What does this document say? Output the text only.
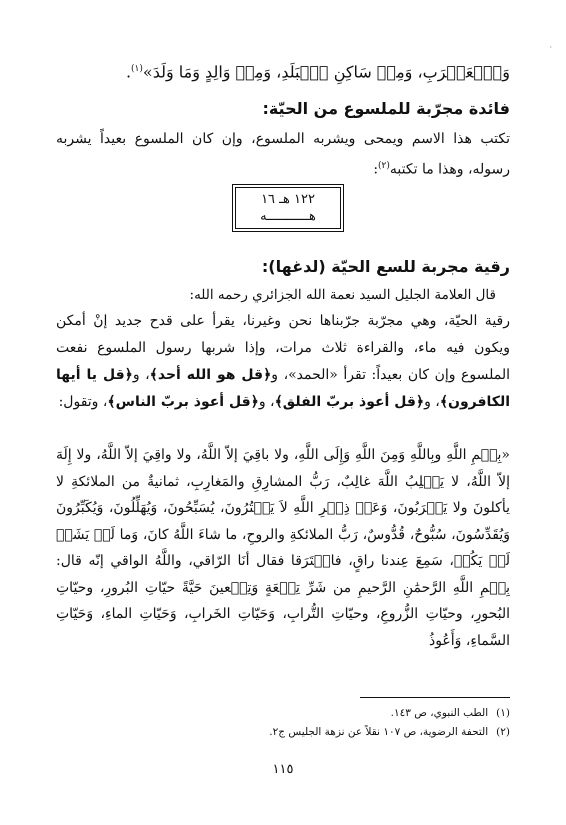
ˌ

وَٱلۡعَقۡرَبِ، وَمِنۡ سَاكِنِ ٱلۡبَلَدِ، وَمِنۡ وَالِدٍ وَمَا وَلَدَ»$^{(١)}$.

فائدة مجرّبة للملسوع من الحيّة:

تكتب هذا الاسم ويمحى ويشربه الملسوع، وإن كان الملسوع بعيداً يشربه رسوله، وهذا ما تكتبه$^{(٢)}$:

١٢٢ هـ ١٦
هـــــــــــه
رقية مجربة للسع الحيّة (لدغها):

قال العلامة الجليل السيد نعمة الله الجزائري رحمه الله:

رقية الحيّة، وهي مجرّبة جرّبناها نحن وغيرنا، يقرأ على قدح جديد إنْ أمكن ويكون فيه ماء، والقراءة ثلاث مرات، وإذا شربها رسول الملسوع نفعت الملسوع وإن كان بعيداً: تقرأ «الحمد»، و﴿قل هو الله أحد﴾، و﴿قل يا أيها الكافرون﴾، و﴿قل أعوذ بربّ الفلق﴾، و﴿قل أعوذ بربّ الناس﴾، وتقول:

«بِسۡمِ اللَّهِ وبِاللَّهِ وَمِنَ اللَّهِ وَإِلَى اللَّهِ، ولا باقِيَ إلاّ اللَّهُ، ولا واقِيَ إلاّ اللَّهُ، ولا إِلَهَ إلاّ اللَّهُ، لا يَغۡلِبُ اللَّهَ غالِبٌ، رَبُّ المشارِقِ والمَغارِبِ، ثمانيةٌ من الملائكةِ لا يأكلونَ ولا يَشۡرَبُونَ، وَعَنۡ ذِكۡرِ اللَّهِ لاَ يَفۡتُرُونَ، يُسَبِّحُونَ، وَيُهَلِّلُونَ، وَيُكَبِّرُونَ وَيُقَدِّسُونَ، سُبُّوحٌ، قُدُّوسٌ، رَبُّ الملائكةِ والروحِ، ما شاءَ اللَّهُ كانَ، وَما لَمۡ يَشَأۡ لَمۡ يَكُنۡ، سَمِعَ عِندنا راقٍ، فاسۡتَرَقا فقال أنَا الرّاقي، واللَّهُ الواقي إنّه قال: بِسۡمِ اللَّهِ الرَّحمَٰنِ الرَّحيمِ من شَرِّ تِسۡعَةٍ وَتِسۡعينَ حَيَّةً حيّاتِ البُرورِ، وحيّاتِ البُحورِ، وحيّاتِ الزُّروعِ، وحيّاتِ التُّرابِ، وَحَيّاتِ الخَرابِ، وَحَيّاتِ الماءِ، وَحَيّاتِ السَّماءِ، وَأَعُوذُ

(١)
الطب النبوي، ص ١٤٣.
(٢)
التحفة الرضوية، ص ١٠٧ نقلاً عن نزهة الجليس ج٢.
١١٥
